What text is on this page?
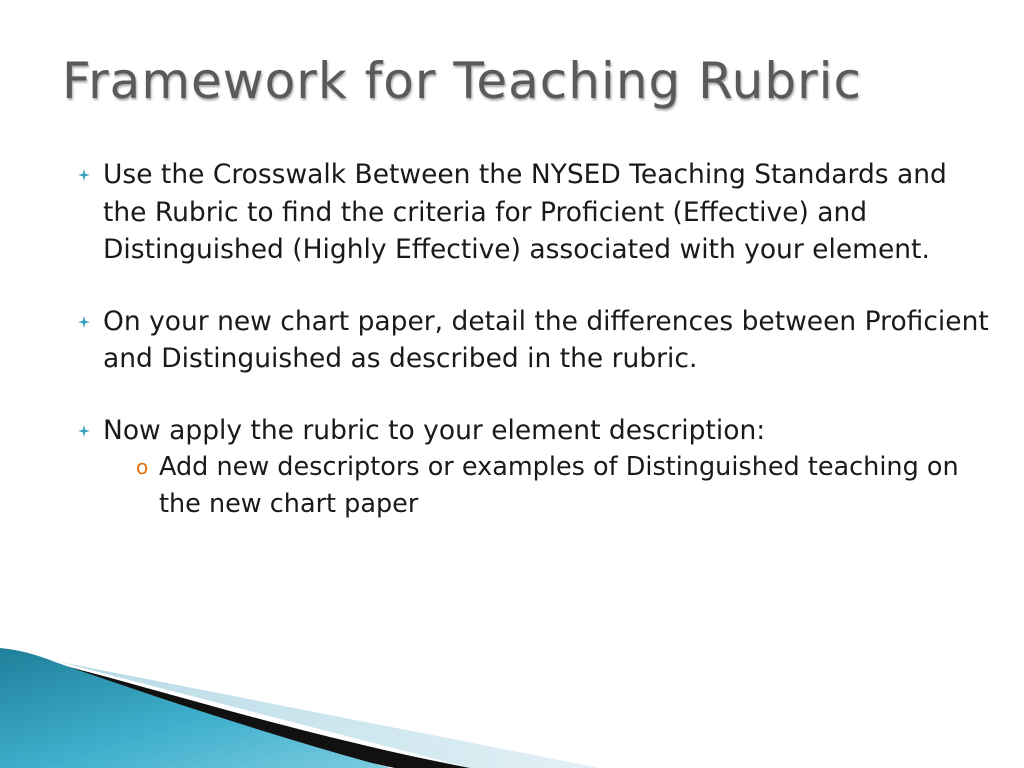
Framework for Teaching Rubric
Use the Crosswalk Between the NYSED Teaching Standards and the Rubric to find the criteria for Proficient (Effective) and Distinguished (Highly Effective) associated with your element.
On your new chart paper, detail the differences between Proficient and Distinguished as described in the rubric.
Now apply the rubric to your element description:
o Add new descriptors or examples of Distinguished teaching on the new chart paper
